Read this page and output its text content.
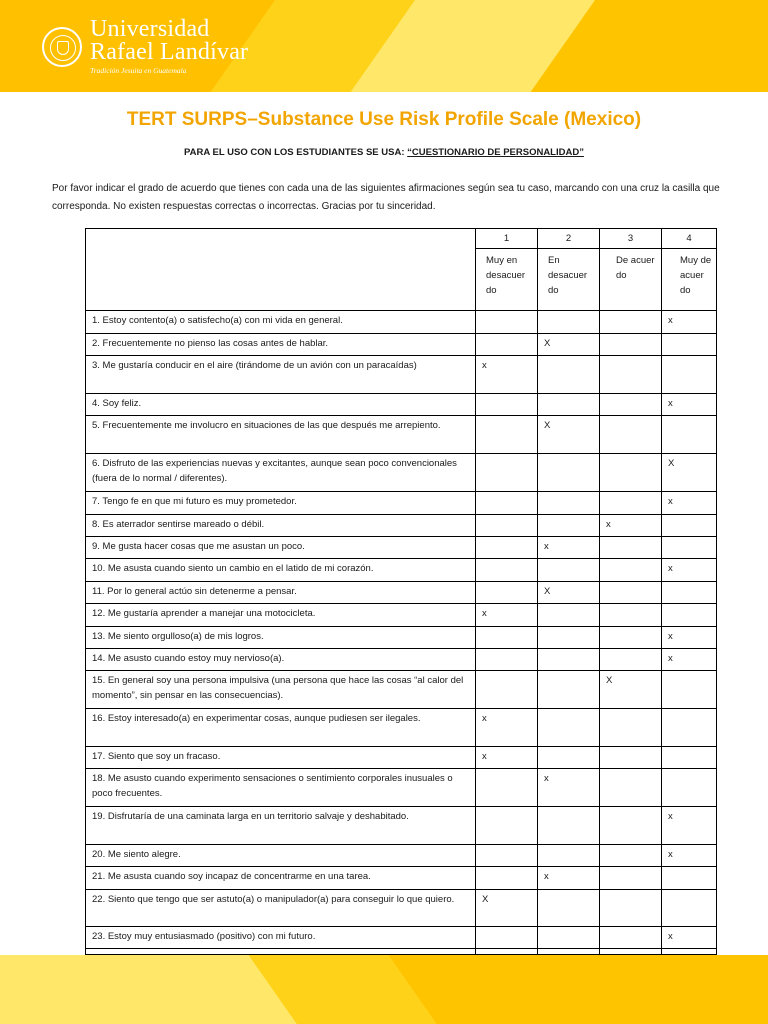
Universidad
Rafael Landívar
Tradición Jesuita en Guatemala
TERT SURPS–Substance Use Risk Profile Scale (Mexico)
PARA EL USO CON LOS ESTUDIANTES SE USA: “CUESTIONARIO DE PERSONALIDAD”
Por favor indicar el grado de acuerdo que tienes con cada una de las siguientes afirmaciones según sea tu caso, marcando con una cruz la casilla que corresponda. No existen respuestas correctas o incorrectas. Gracias por tu sinceridad.
	1	2	3	4
	Muy en desacuer do	En desacuer do	De acuer do	Muy de acuer do
1. Estoy contento(a) o satisfecho(a) con mi vida en general.				x
2. Frecuentemente no pienso las cosas antes de hablar.		X		
3. Me gustaría conducir en el aire (tirándome de un avión con un paracaídas)	x			
4. Soy feliz.				x
5. Frecuentemente me involucro en situaciones de las que después me arrepiento.		X		
6. Disfruto de las experiencias nuevas y excitantes, aunque sean poco convencionales (fuera de lo normal / diferentes).				X
7. Tengo fe en que mi futuro es muy prometedor.				x
8. Es aterrador sentirse mareado o débil.			x	
9. Me gusta hacer cosas que me asustan un poco.		x		
10. Me asusta cuando siento un cambio en el latido de mi corazón.				x
11. Por lo general actúo sin detenerme a pensar.		X		
12. Me gustaría aprender a manejar una motocicleta.	x			
13. Me siento orgulloso(a) de mis logros.				x
14. Me asusto cuando estoy muy nervioso(a).				x
15. En general soy una persona impulsiva (una persona que hace las cosas “al calor del momento”, sin pensar en las consecuencias).			X	
16. Estoy interesado(a) en experimentar cosas, aunque pudiesen ser ilegales.	x			
17. Siento que soy un fracaso.	x			
18. Me asusto cuando experimento sensaciones o sentimiento corporales inusuales o poco frecuentes.		x		
19. Disfrutaría de una caminata larga en un territorio salvaje y deshabitado.				x
20. Me siento alegre.				x
21. Me asusta cuando soy incapaz de concentrarme en una tarea.		x		
22. Siento que tengo que ser astuto(a) o manipulador(a) para conseguir lo que quiero.	X			
23. Estoy muy entusiasmado (positivo) con mi futuro.				x
